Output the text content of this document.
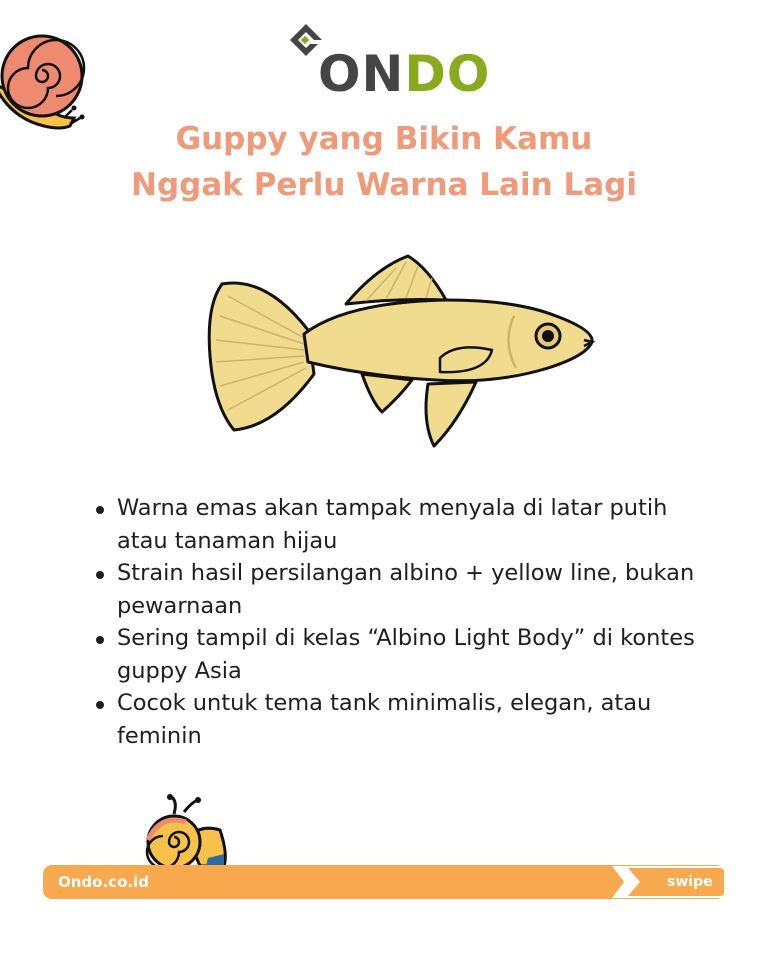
ONDO
Guppy yang Bikin Kamu
Nggak Perlu Warna Lain Lagi
Warna emas akan tampak menyala di latar putih atau tanaman hijau
Strain hasil persilangan albino + yellow line, bukan pewarnaan
Sering tampil di kelas “Albino Light Body” di kontes guppy Asia
Cocok untuk tema tank minimalis, elegan, atau feminin
Ondo.co.id	swipe
